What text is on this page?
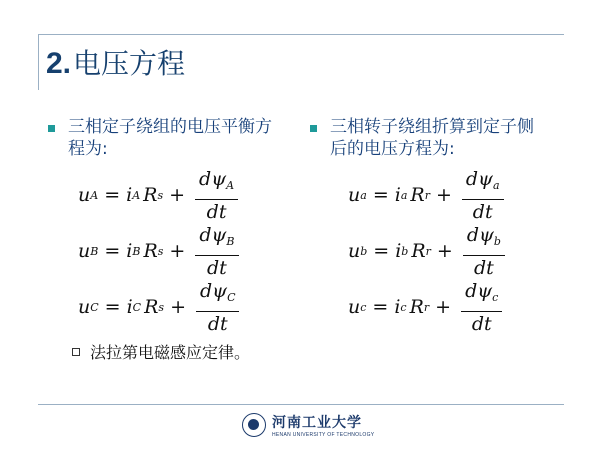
2. 电压方程
三相定子绕组的电压平衡方程为:
三相转子绕组折算到定子侧后的电压方程为:
u A = i A R $s + \frac{d\psi_A}{dt}$
u B = i B R $s + \frac{d\psi_B}{dt}$
u C = i C R $s + \frac{d\psi_C}{dt}$
u a = i a R $r + \frac{d\psi_a}{dt}$
u b = i b R $r + \frac{d\psi_b}{dt}$
u c = i c R $r + \frac{d\psi_c}{dt}$
法拉第电磁感应定律。
河南工业大学
HENAN UNIVERSITY OF TECHNOLOGY
